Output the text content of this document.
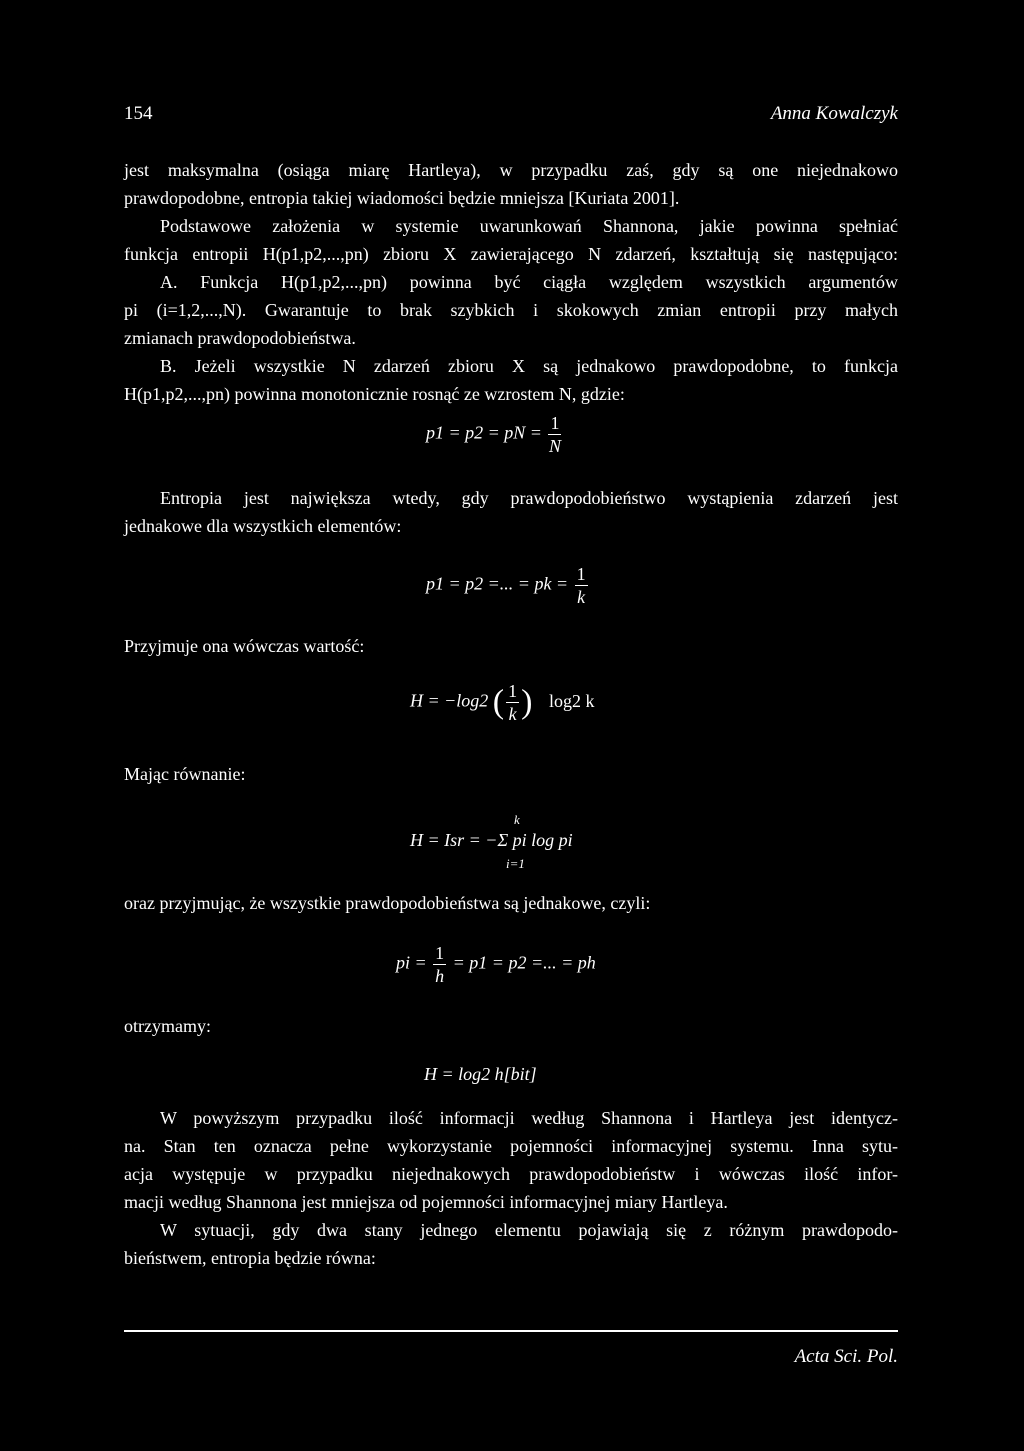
154	Anna Kowalczyk
jest maksymalna (osiąga miarę Hartleya), w przypadku zaś, gdy są one niejednakowo
prawdopodobne, entropia takiej wiadomości będzie mniejsza [Kuriata 2001].
Podstawowe założenia w systemie uwarunkowań Shannona, jakie powinna spełniać
funkcja entropii H(p1,p2,...,pn) zbioru X zawierającego N zdarzeń, kształtują się następująco:
A. Funkcja H(p1,p2,...,pn) powinna być ciągła względem wszystkich argumentów
pi (i=1,2,...,N). Gwarantuje to brak szybkich i skokowych zmian entropii przy małych
zmianach prawdopodobieństwa.
B. Jeżeli wszystkie N zdarzeń zbioru X są jednakowo prawdopodobne, to funkcja
H(p1,p2,...,pn) powinna monotonicznie rosnąć ze wzrostem N, gdzie:
p1 = p2 = pN = $\frac{1}{N}$
Entropia jest największa wtedy, gdy prawdopodobieństwo wystąpienia zdarzeń jest
jednakowe dla wszystkich elementów:
p1 = p2 =... = pk = $\frac{1}{k}$
Przyjmuje ona wówczas wartość:
H = −log2 ( $\frac{1}{k}$ ) log2 k
Mając równanie:
H = Isr = −Σ pi log pi
k
i=1
oraz przyjmując, że wszystkie prawdopodobieństwa są jednakowe, czyli:
pi = $\frac{1}{h} = p1 = p2$ =... = ph
otrzymamy:
H = log2 h[bit]
W powyższym przypadku ilość informacji według Shannona i Hartleya jest identycz-
na. Stan ten oznacza pełne wykorzystanie pojemności informacyjnej systemu. Inna sytu-
acja występuje w przypadku niejednakowych prawdopodobieństw i wówczas ilość infor-
macji według Shannona jest mniejsza od pojemności informacyjnej miary Hartleya.
W sytuacji, gdy dwa stany jednego elementu pojawiają się z różnym prawdopodo-
bieństwem, entropia będzie równa:
Acta Sci. Pol.
